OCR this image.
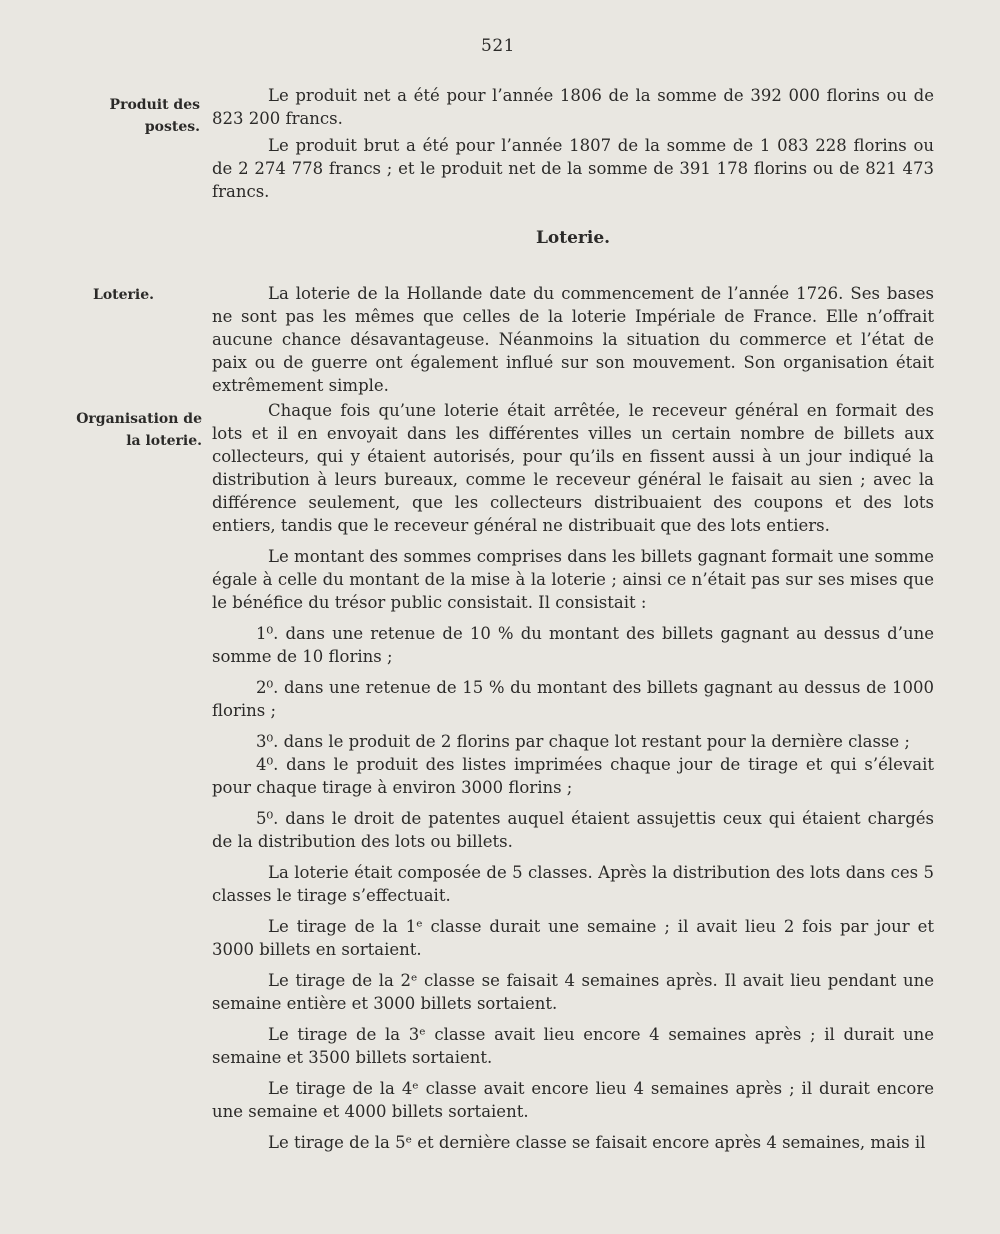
521
Produit des postes.
Loterie.
Organisation de
la loterie.

Le produit net a été pour l’année 1806 de la somme de 392 000 florins ou de 823 200 francs.

Le produit brut a été pour l’année 1807 de la somme de 1 083 228 florins ou de 2 274 778 francs ; et le produit net de la somme de 391 178 florins ou de 821 473 francs.

Loterie.

La loterie de la Hollande date du commencement de l’année 1726. Ses bases ne sont pas les mêmes que celles de la loterie Impériale de France. Elle n’offrait aucune chance désavantageuse. Néanmoins la situation du commerce et l’état de paix ou de guerre ont également influé sur son mouvement. Son organisation était extrêmement simple.

Chaque fois qu’une loterie était arrêtée, le receveur général en formait des lots et il en envoyait dans les différentes villes un certain nombre de billets aux collecteurs, qui y étaient autorisés, pour qu’ils en fissent aussi à un jour indiqué la distribution à leurs bureaux, comme le receveur général le faisait au sien ; avec la différence seulement, que les collecteurs distribuaient des coupons et des lots entiers, tandis que le receveur général ne distribuait que des lots entiers.

Le montant des sommes comprises dans les billets gagnant formait une somme égale à celle du montant de la mise à la loterie ; ainsi ce n’était pas sur ses mises que le bénéfice du trésor public consistait. Il consistait :

1⁰. dans une retenue de 10 % du montant des billets gagnant au dessus d’une somme de 10 florins ;

2⁰. dans une retenue de 15 % du montant des billets gagnant au dessus de 1000 florins ;

3⁰. dans le produit de 2 florins par chaque lot restant pour la dernière classe ;

4⁰. dans le produit des listes imprimées chaque jour de tirage et qui s’élevait pour chaque tirage à environ 3000 florins ;

5⁰. dans le droit de patentes auquel étaient assujettis ceux qui étaient chargés de la distribution des lots ou billets.

La loterie était composée de 5 classes. Après la distribution des lots dans ces 5 classes le tirage s’effectuait.

Le tirage de la 1ᵉ classe durait une semaine ; il avait lieu 2 fois par jour et 3000 billets en sortaient.

Le tirage de la 2ᵉ classe se faisait 4 semaines après. Il avait lieu pendant une semaine entière et 3000 billets sortaient.

Le tirage de la 3ᵉ classe avait lieu encore 4 semaines après ; il durait une semaine et 3500 billets sortaient.

Le tirage de la 4ᵉ classe avait encore lieu 4 semaines après ; il durait encore une semaine et 4000 billets sortaient.

Le tirage de la 5ᵉ et dernière classe se faisait encore après 4 semaines, mais il
